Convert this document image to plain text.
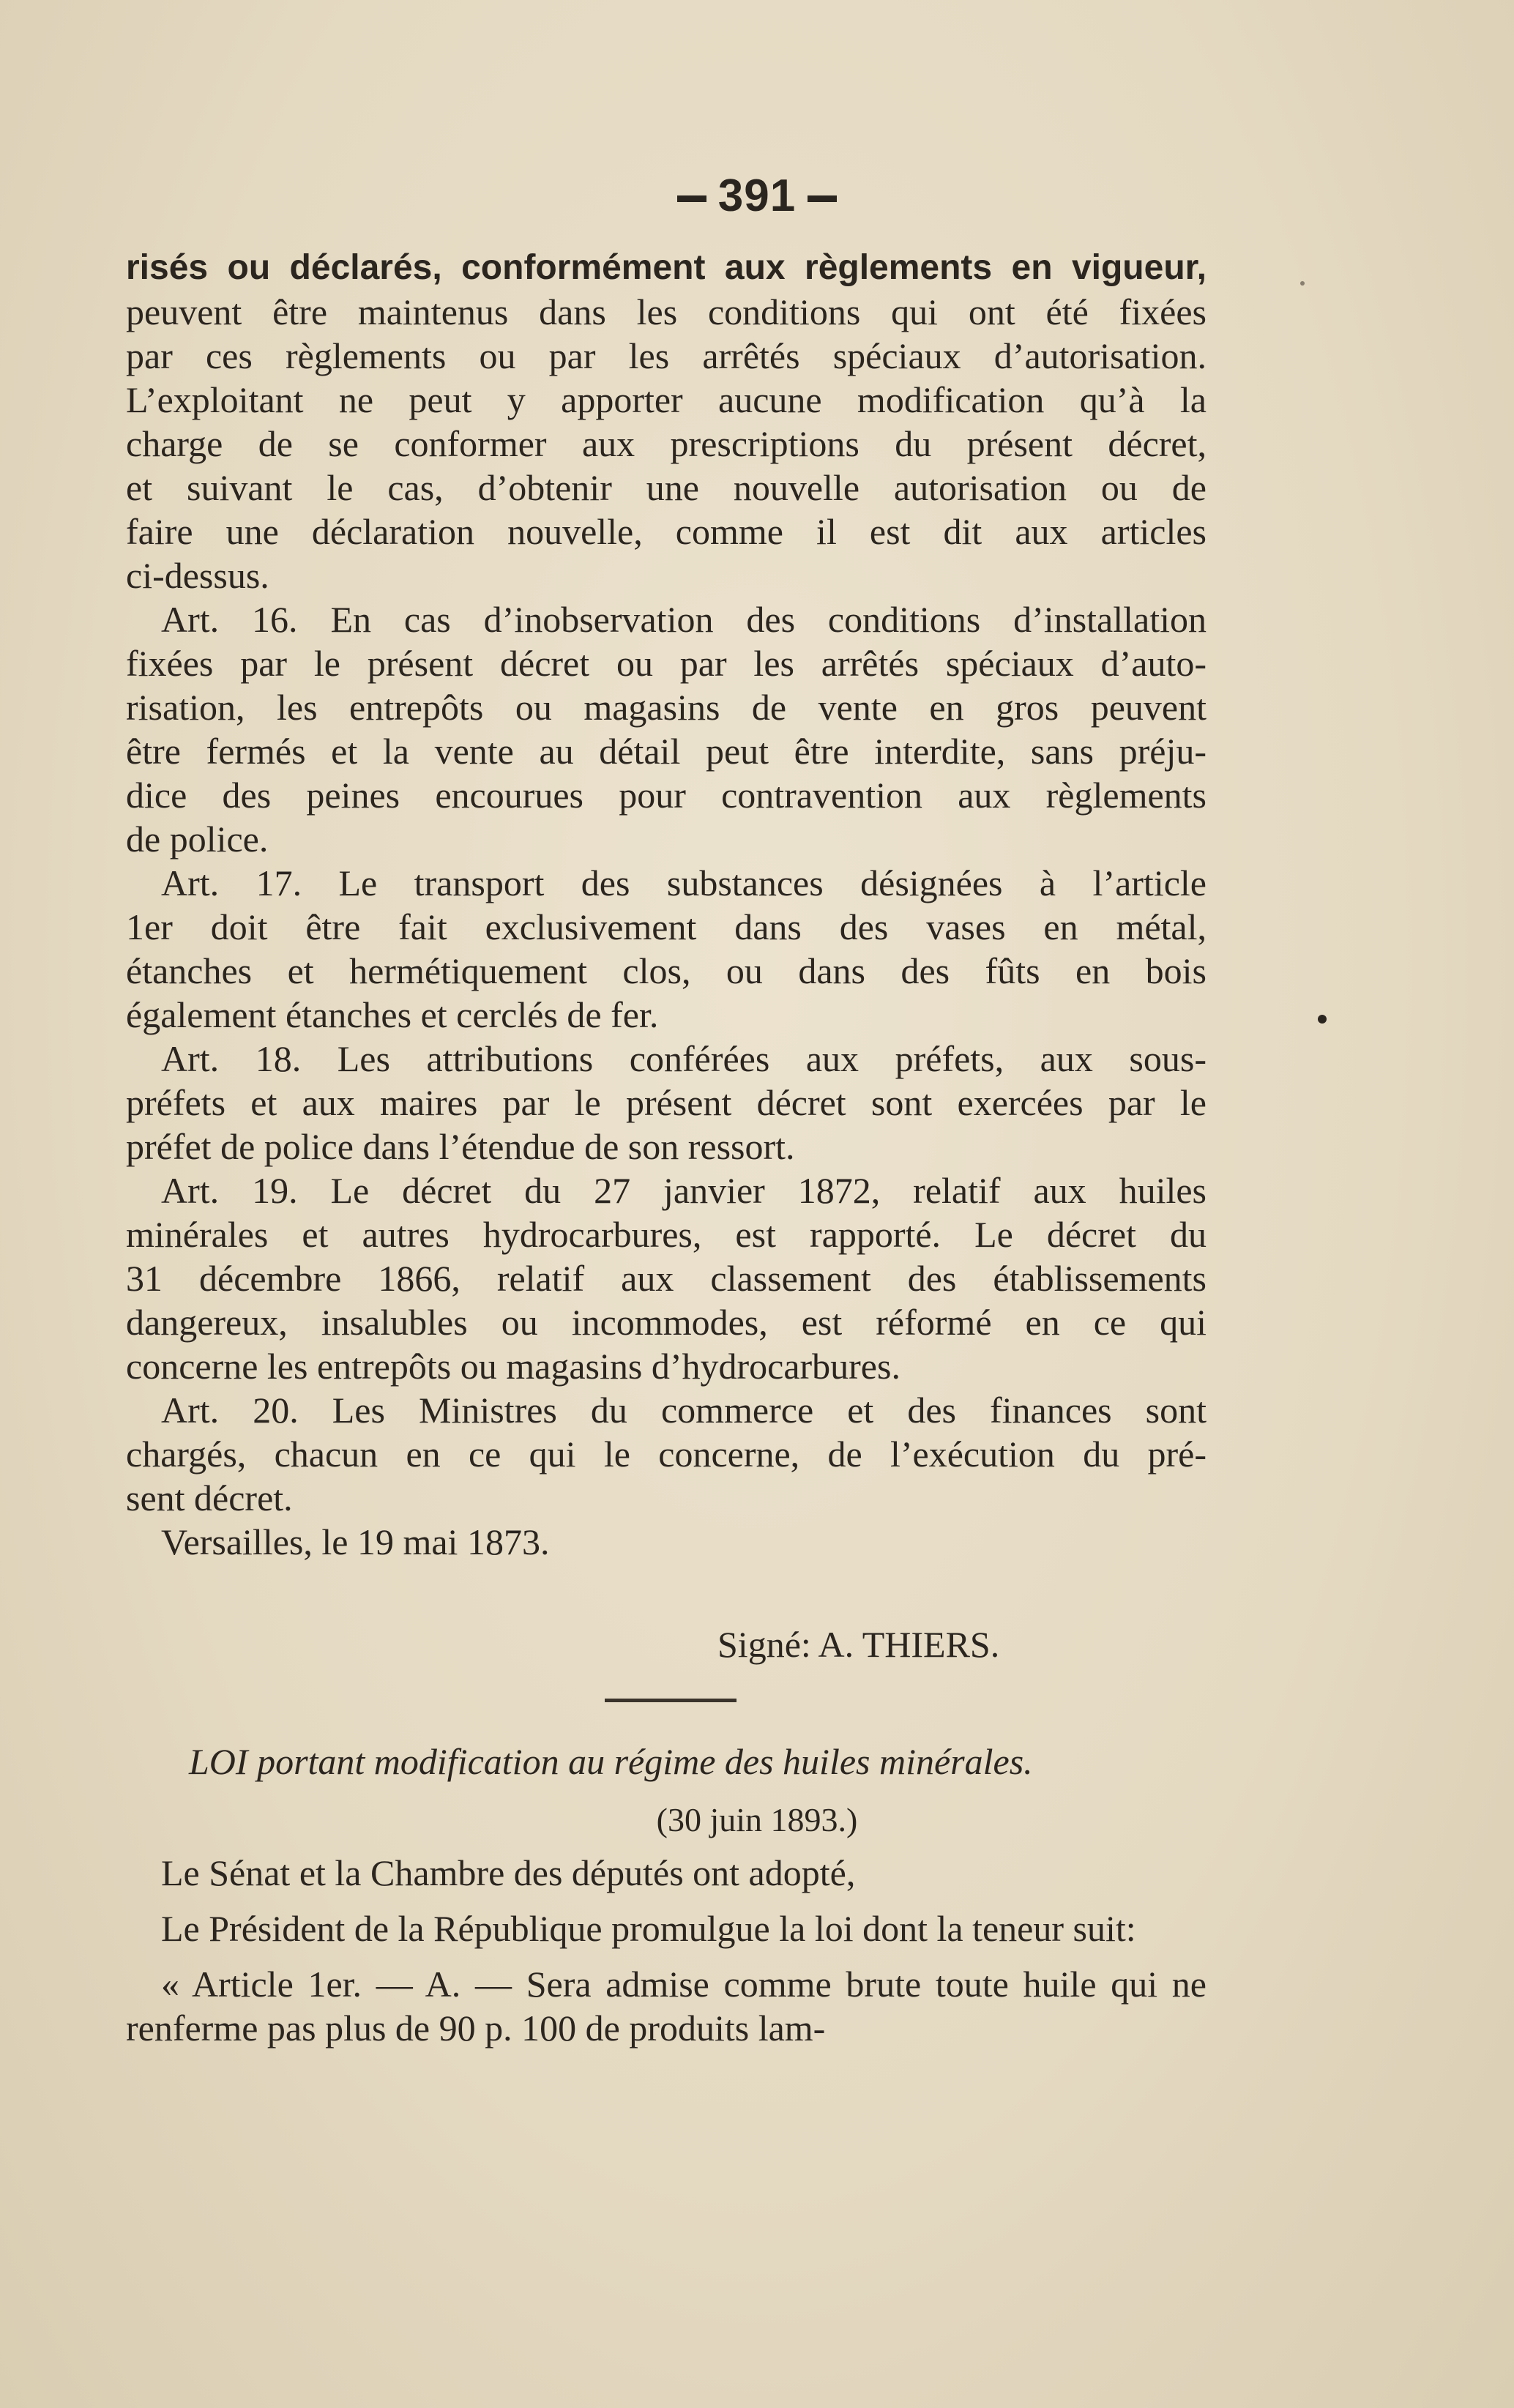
391
risés ou déclarés, conformément aux règlements en vigueur,
peuvent être maintenus dans les conditions qui ont été fixées
par ces règlements ou par les arrêtés spéciaux d’autorisation.
L’exploitant ne peut y apporter aucune modification qu’à la
charge de se conformer aux prescriptions du présent décret,
et suivant le cas, d’obtenir une nouvelle autorisation ou de
faire une déclaration nouvelle, comme il est dit aux articles
ci-dessus.
Art. 16. En cas d’inobservation des conditions d’installation
fixées par le présent décret ou par les arrêtés spéciaux d’auto-
risation, les entrepôts ou magasins de vente en gros peuvent
être fermés et la vente au détail peut être interdite, sans préju-
dice des peines encourues pour contravention aux règlements
de police.
Art. 17. Le transport des substances désignées à l’article
1er doit être fait exclusivement dans des vases en métal,
étanches et hermétiquement clos, ou dans des fûts en bois
également étanches et cerclés de fer.
Art. 18. Les attributions conférées aux préfets, aux sous-
préfets et aux maires par le présent décret sont exercées par le
préfet de police dans l’étendue de son ressort.
Art. 19. Le décret du 27 janvier 1872, relatif aux huiles
minérales et autres hydrocarbures, est rapporté. Le décret du
31 décembre 1866, relatif aux classement des établissements
dangereux, insalubles ou incommodes, est réformé en ce qui
concerne les entrepôts ou magasins d’hydrocarbures.
Art. 20. Les Ministres du commerce et des finances sont
chargés, chacun en ce qui le concerne, de l’exécution du pré-
sent décret.
Versailles, le 19 mai 1873.
Signé: A. THIERS.
LOI portant modification au régime des huiles minérales.
(30 juin 1893.)
Le Sénat et la Chambre des députés ont adopté,
Le Président de la République promulgue la loi dont la teneur suit:
« Article 1er. — A. — Sera admise comme brute toute huile qui ne renferme pas plus de 90 p. 100 de produits lam-
